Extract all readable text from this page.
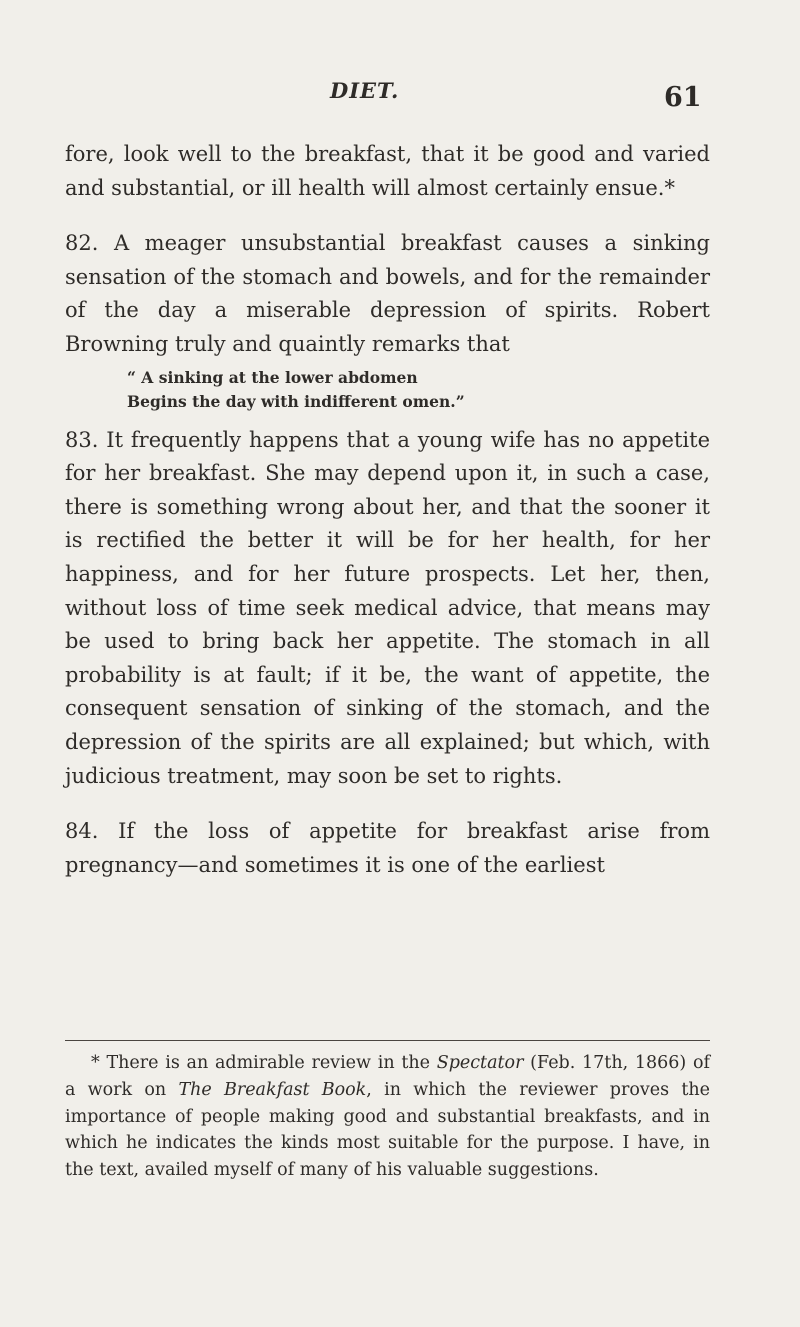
DIET.	61

fore, look well to the breakfast, that it be good and varied and substantial, or ill health will almost certainly ensue.*

82. A meager unsubstantial breakfast causes a sinking sensation of the stomach and bowels, and for the remainder of the day a miserable depression of spirits. Robert Browning truly and quaintly remarks that

“ A sinking at the lower abdomen
Begins the day with indifferent omen.”

83. It frequently happens that a young wife has no appetite for her breakfast. She may depend upon it, in such a case, there is something wrong about her, and that the sooner it is rectified the better it will be for her health, for her happiness, and for her future prospects. Let her, then, without loss of time seek medical advice, that means may be used to bring back her appetite. The stomach in all probability is at fault; if it be, the want of appetite, the consequent sensation of sinking of the stomach, and the depression of the spirits are all explained; but which, with judicious treatment, may soon be set to rights.

84. If the loss of appetite for breakfast arise from pregnancy—and sometimes it is one of the earliest

* There is an admirable review in the Spectator (Feb. 17th, 1866) of a work on The Breakfast Book, in which the reviewer proves the importance of people making good and substantial breakfasts, and in which he indicates the kinds most suitable for the purpose. I have, in the text, availed myself of many of his valuable suggestions.
